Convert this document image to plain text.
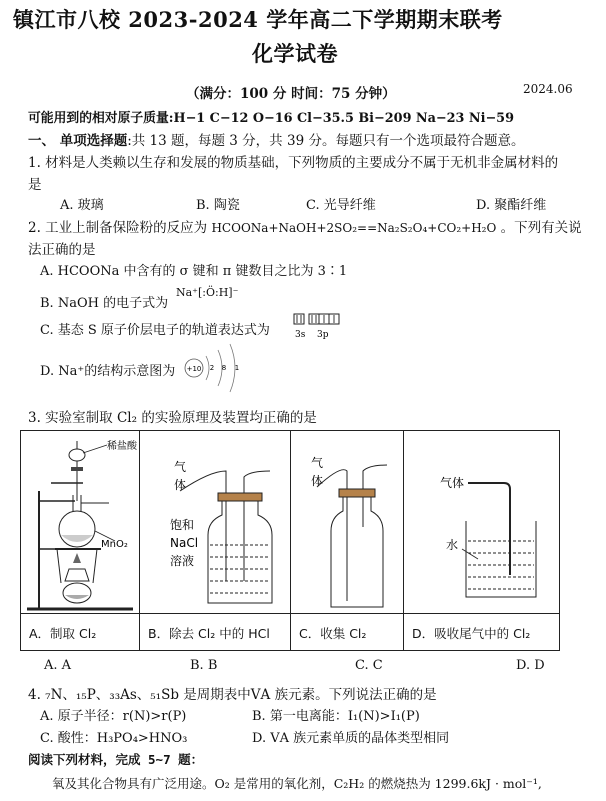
镇江市八校 2023-2024 学年高二下学期期末联考
化学试卷
（满分：100 分 时间：75 分钟）	2024.06
可能用到的相对原子质量:H−1 C−12 O−16 Cl−35.5 Bi−209 Na−23 Ni−59
一、 单项选择题:共 13 题，每题 3 分，共 39 分。每题只有一个选项最符合题意。
1. 材料是人类赖以生存和发展的物质基础，下列物质的主要成分不属于无机非金属材料的
是
A. 玻璃	B. 陶瓷	C. 光导纤维	D. 聚酯纤维
2. 工业上制备保险粉的反应为 HCOONa+NaOH+2SO₂==Na₂S₂O₄+CO₂+H₂O 。下列有关说
法正确的是
A. HCOONa 中含有的 σ 键和 π 键数目之比为 3∶1
B. NaOH 的电子式为
Na⁺[:Ö:H]⁻
C. 基态 S 原子价层电子的轨道表达式为	3s 3p
D. Na⁺的结构示意图为 +10 2 8 1
3. 实验室制取 Cl₂ 的实验原理及装置均正确的是
稀盐酸
MnO₂	气
体
饱和
NaCl
溶液	气
体	气体
水

A．制取 Cl₂	B．除去 Cl₂ 中的 HCl	C．收集 Cl₂	D．吸收尾气中的 Cl₂
A. A	B. B	C. C	D. D
4. ₇N、₁₅P、₃₃As、₅₁Sb 是周期表中ⅤA 族元素。下列说法正确的是
A. 原子半径：r(N)>r(P)	B. 第一电离能：I₁(N)>I₁(P)
C. 酸性：H₃PO₄>HNO₃	D. ⅤA 族元素单质的晶体类型相同
阅读下列材料，完成 5~7 题：
氧及其化合物具有广泛用途。O₂ 是常用的氧化剂，C₂H₂ 的燃烧热为 1299.6kJ · mol⁻¹,
